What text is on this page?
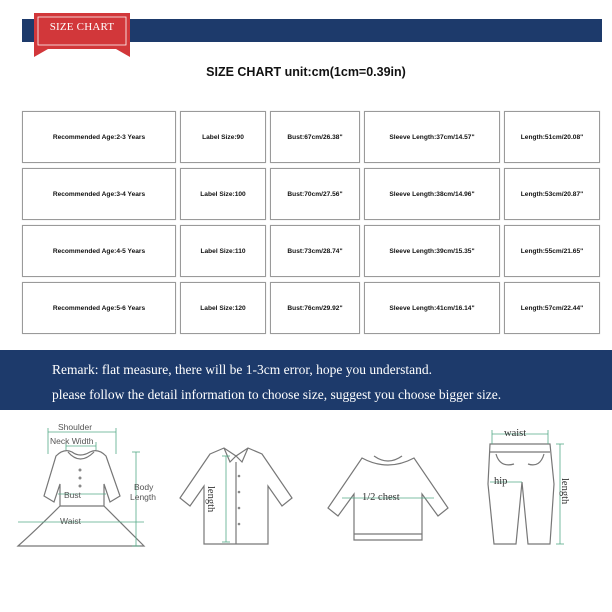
SIZE CHART
SIZE CHART unit:cm(1cm=0.39in)
Recommended Age:2-3 Years	Label Size:90	Bust:67cm/26.38"	Sleeve Length:37cm/14.57"	Length:51cm/20.08"
Recommended Age:3-4 Years	Label Size:100	Bust:70cm/27.56"	Sleeve Length:38cm/14.96"	Length:53cm/20.87"
Recommended Age:4-5 Years	Label Size:110	Bust:73cm/28.74"	Sleeve Length:39cm/15.35"	Length:55cm/21.65"
Recommended Age:5-6 Years	Label Size:120	Bust:76cm/29.92"	Sleeve Length:41cm/16.14"	Length:57cm/22.44"
Remark: flat measure, there will be 1-3cm error, hope you understand.
please follow the detail information to choose size, suggest you choose bigger size.
Shoulder
Neck Width
Bust
Waist
Body
Length	length	1/2 chest
waist
hip	length
